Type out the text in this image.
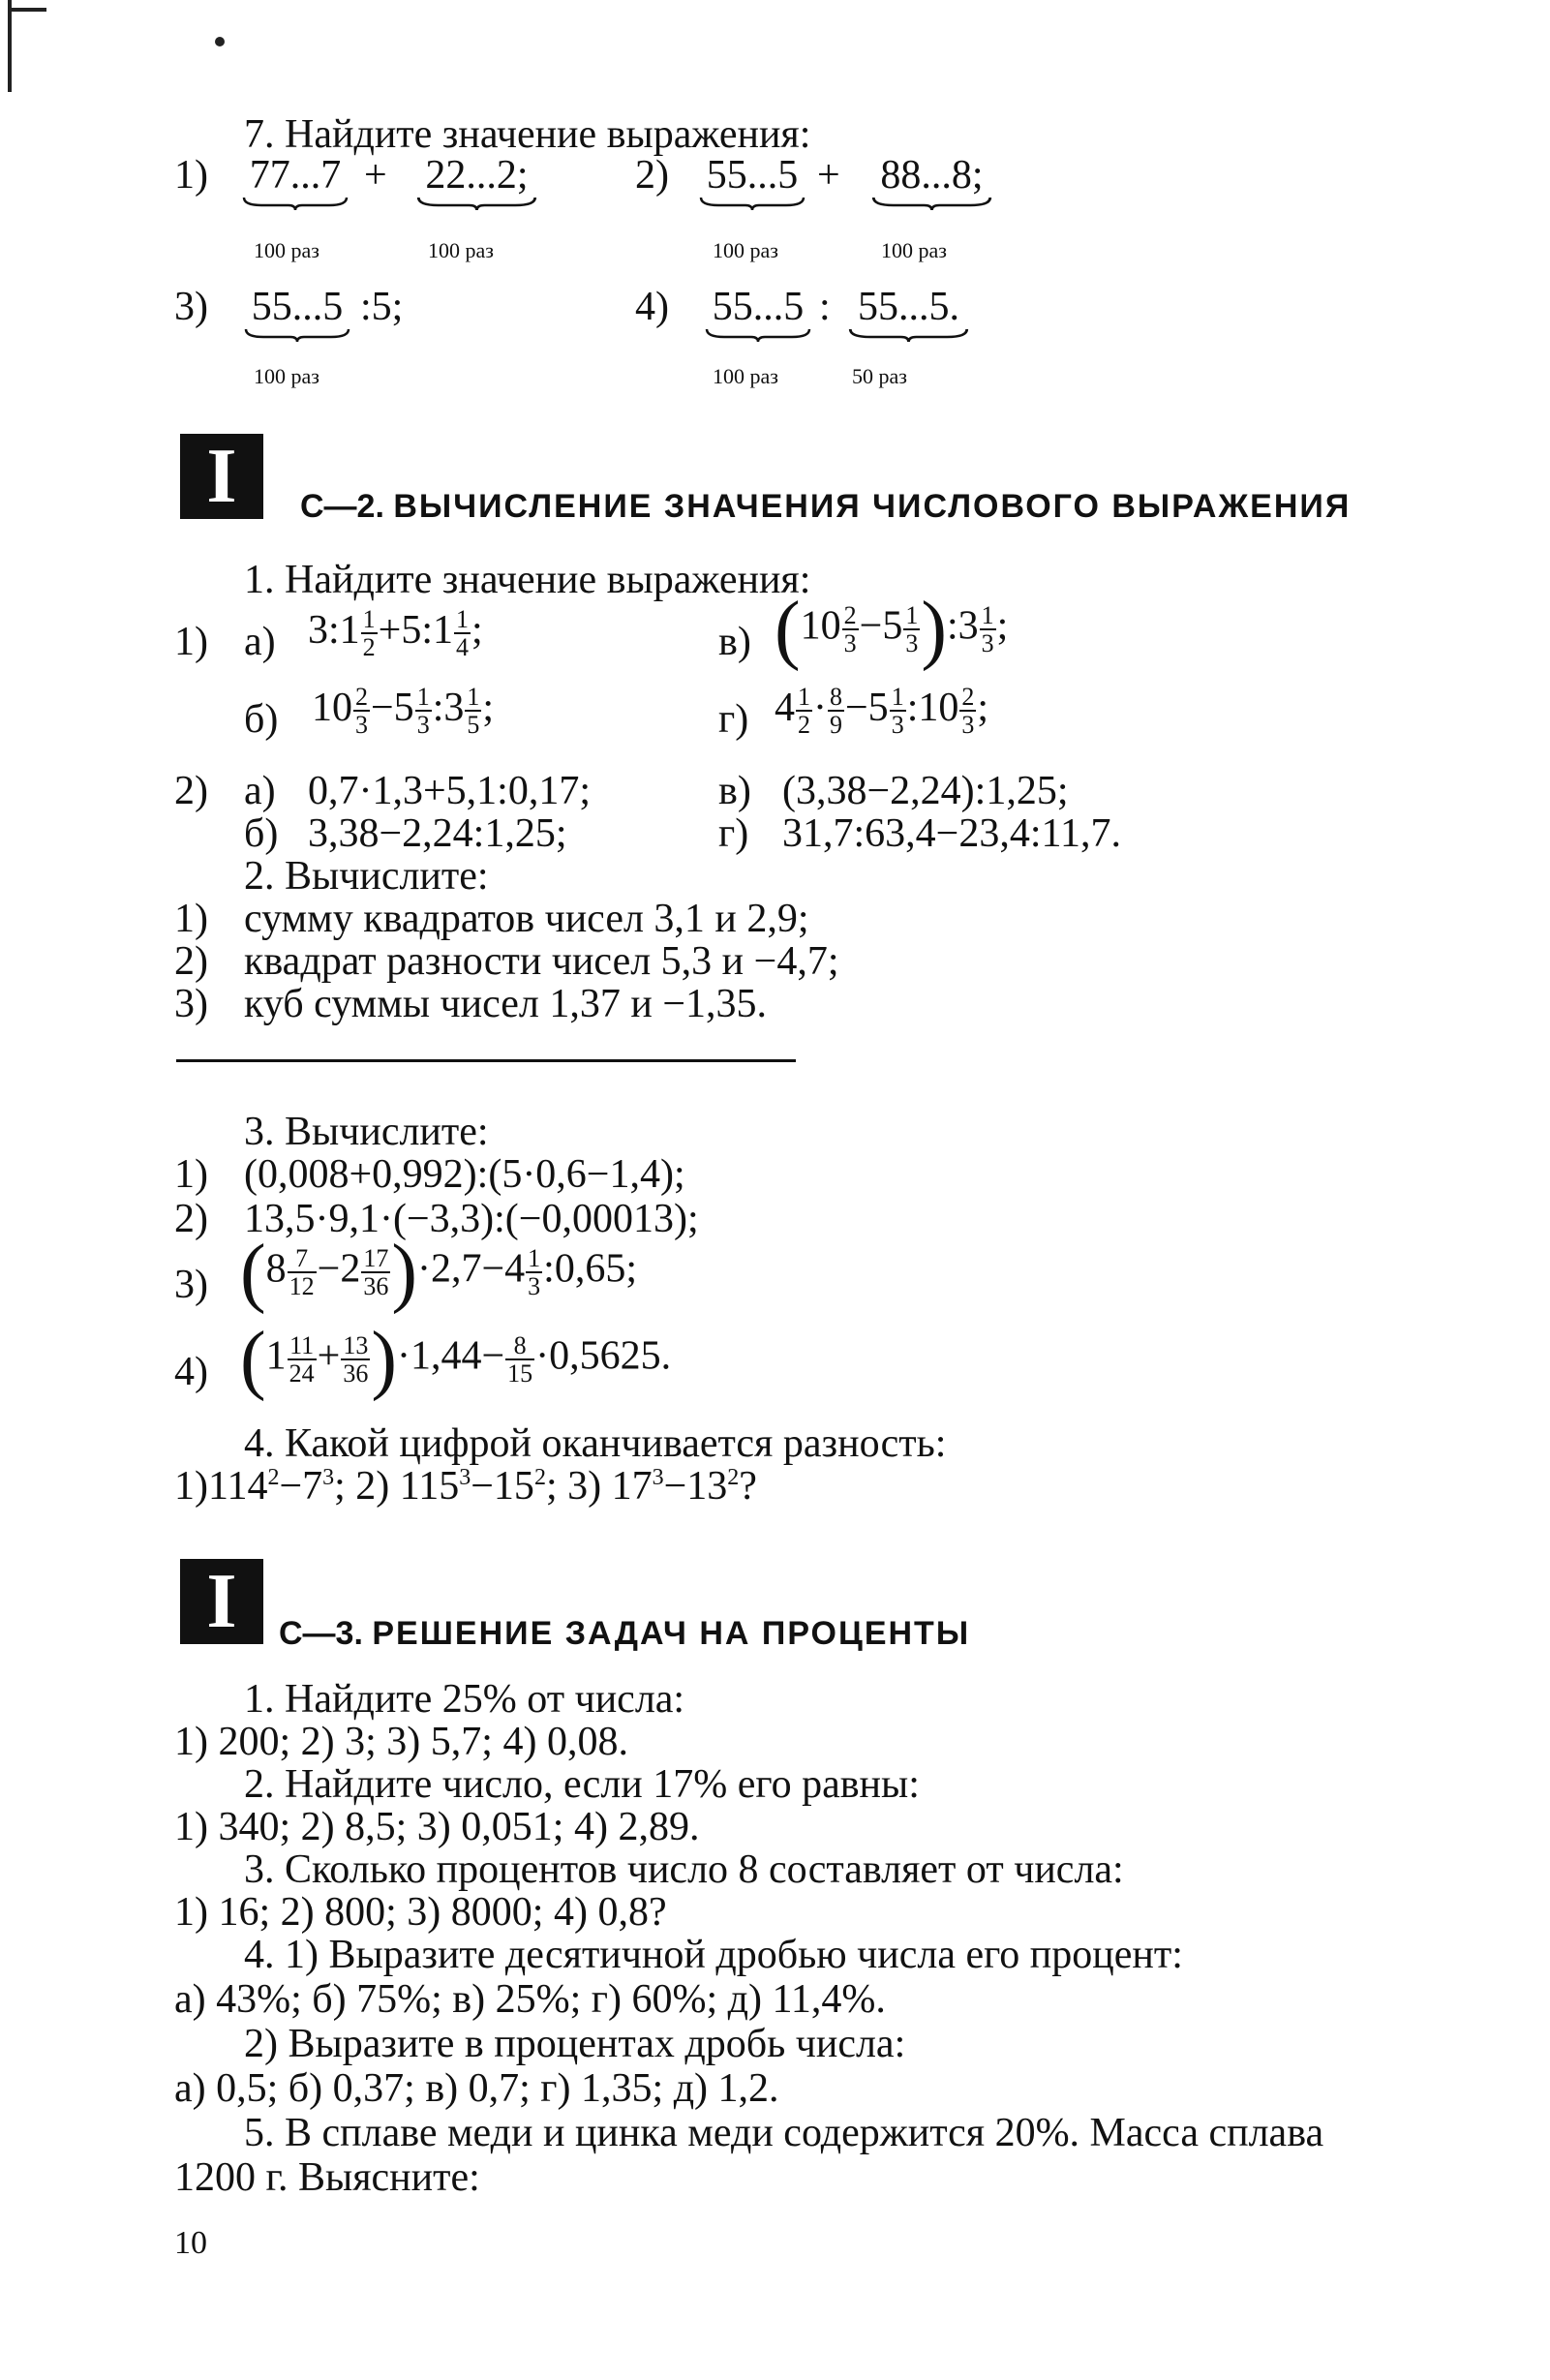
7. Найдите значение выражения:
1) 77...7 + 22...2;
100 раз	100 раз
2) 55...5 + 88...8;
100 раз	100 раз
3) 55...5 :5;
100 раз
4) 55...5 : 55...5.
100 раз	50 раз
I	С—2. ВЫЧИСЛЕНИЕ ЗНАЧЕНИЯ ЧИСЛОВОГО ВЫРАЖЕНИЯ
1. Найдите значение выражения:
1) а) 3:1 $\frac{1}{2}$ +5:1 $\frac{1}{4}$ ;	в) ($10 \frac{2}{3} -5 \frac{1}{3}$ ):3 $\frac{1}{3}$ ;
б) $10 \frac{2}{3} -5 \frac{1}{3}$ :3 $\frac{1}{5}$ ;	г) $4 \frac{1}{2} \cdot \frac{8}{9} -5 \frac{1}{3}$ :10 $\frac{2}{3}$ ;
2) а) 0,7·1,3+5,1:0,17;	в) (3,38−2,24):1,25;
б) 3,38−2,24:1,25;	г) 31,7:63,4−23,4:11,7.
2. Вычислите:
1) сумму квадратов чисел 3,1 и 2,9;
2) квадрат разности чисел 5,3 и −4,7;
3) куб суммы чисел 1,37 и −1,35.
3. Вычислите:
1) (0,008+0,992):(5·0,6−1,4);
2) 13,5·9,1·(−3,3):(−0,00013);
3) $(8 \frac{7}{12} -2 \frac{17}{36} )\cdot 2,7-4 \frac{1}{3}$ :0,65;
4) $(1 \frac{11}{24} + \frac{13}{36} )\cdot 1,44- \frac{8}{15} \cdot 0,5625$.
4. Какой цифрой оканчивается разность:
$1)114^2-7^3$; 2) $115^3-15^2$; 3) $17^3-13^2$?
I	С—3. РЕШЕНИЕ ЗАДАЧ НА ПРОЦЕНТЫ
1. Найдите 25% от числа:
1) 200; 2) 3; 3) 5,7; 4) 0,08.
2. Найдите число, если 17% его равны:
1) 340; 2) 8,5; 3) 0,051; 4) 2,89.
3. Сколько процентов число 8 составляет от числа:
1) 16; 2) 800; 3) 8000; 4) 0,8?
4. 1) Выразите десятичной дробью числа его процент:
а) 43%; б) 75%; в) 25%; г) 60%; д) 11,4%.
2) Выразите в процентах дробь числа:
а) 0,5; б) 0,37; в) 0,7; г) 1,35; д) 1,2.
5. В сплаве меди и цинка меди содержится 20%. Масса сплава
1200 г. Выясните:
10
